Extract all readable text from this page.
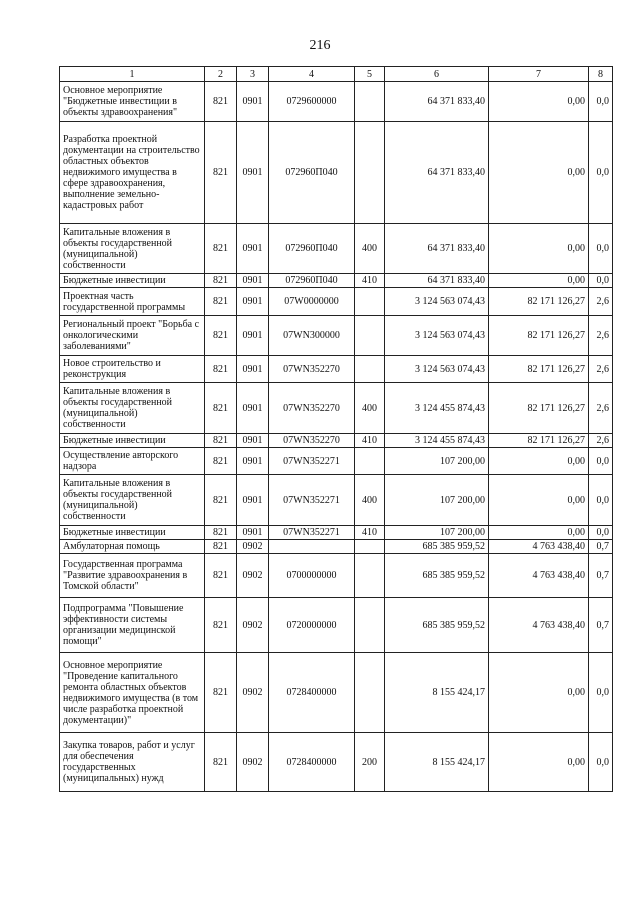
216
1	2	3	4	5	6	7	8
Основное мероприятие "Бюджетные инвестиции в объекты здравоохранения"	821	0901	0729600000		64 371 833,40	0,00	0,0
Разработка проектной документации на строительство областных объектов недвижимого имущества в сфере здравоохранения, выполнение земельно-кадастровых работ	821	0901	072960П040		64 371 833,40	0,00	0,0
Капитальные вложения в объекты государственной (муниципальной) собственности	821	0901	072960П040	400	64 371 833,40	0,00	0,0
Бюджетные инвестиции	821	0901	072960П040	410	64 371 833,40	0,00	0,0
Проектная часть государственной программы	821	0901	07W0000000		3 124 563 074,43	82 171 126,27	2,6
Региональный проект "Борьба с онкологическими заболеваниями"	821	0901	07WN300000		3 124 563 074,43	82 171 126,27	2,6
Новое строительство и реконструкция	821	0901	07WN352270		3 124 563 074,43	82 171 126,27	2,6
Капитальные вложения в объекты государственной (муниципальной) собственности	821	0901	07WN352270	400	3 124 455 874,43	82 171 126,27	2,6
Бюджетные инвестиции	821	0901	07WN352270	410	3 124 455 874,43	82 171 126,27	2,6
Осуществление авторского надзора	821	0901	07WN352271		107 200,00	0,00	0,0
Капитальные вложения в объекты государственной (муниципальной) собственности	821	0901	07WN352271	400	107 200,00	0,00	0,0
Бюджетные инвестиции	821	0901	07WN352271	410	107 200,00	0,00	0,0
Амбулаторная помощь	821	0902			685 385 959,52	4 763 438,40	0,7
Государственная программа "Развитие здравоохранения в Томской области"	821	0902	0700000000		685 385 959,52	4 763 438,40	0,7
Подпрограмма "Повышение эффективности системы организации медицинской помощи"	821	0902	0720000000		685 385 959,52	4 763 438,40	0,7
Основное мероприятие "Проведение капитального ремонта областных объектов недвижимого имущества (в том числе разработка проектной документации)"	821	0902	0728400000		8 155 424,17	0,00	0,0
Закупка товаров, работ и услуг для обеспечения государственных (муниципальных) нужд	821	0902	0728400000	200	8 155 424,17	0,00	0,0
